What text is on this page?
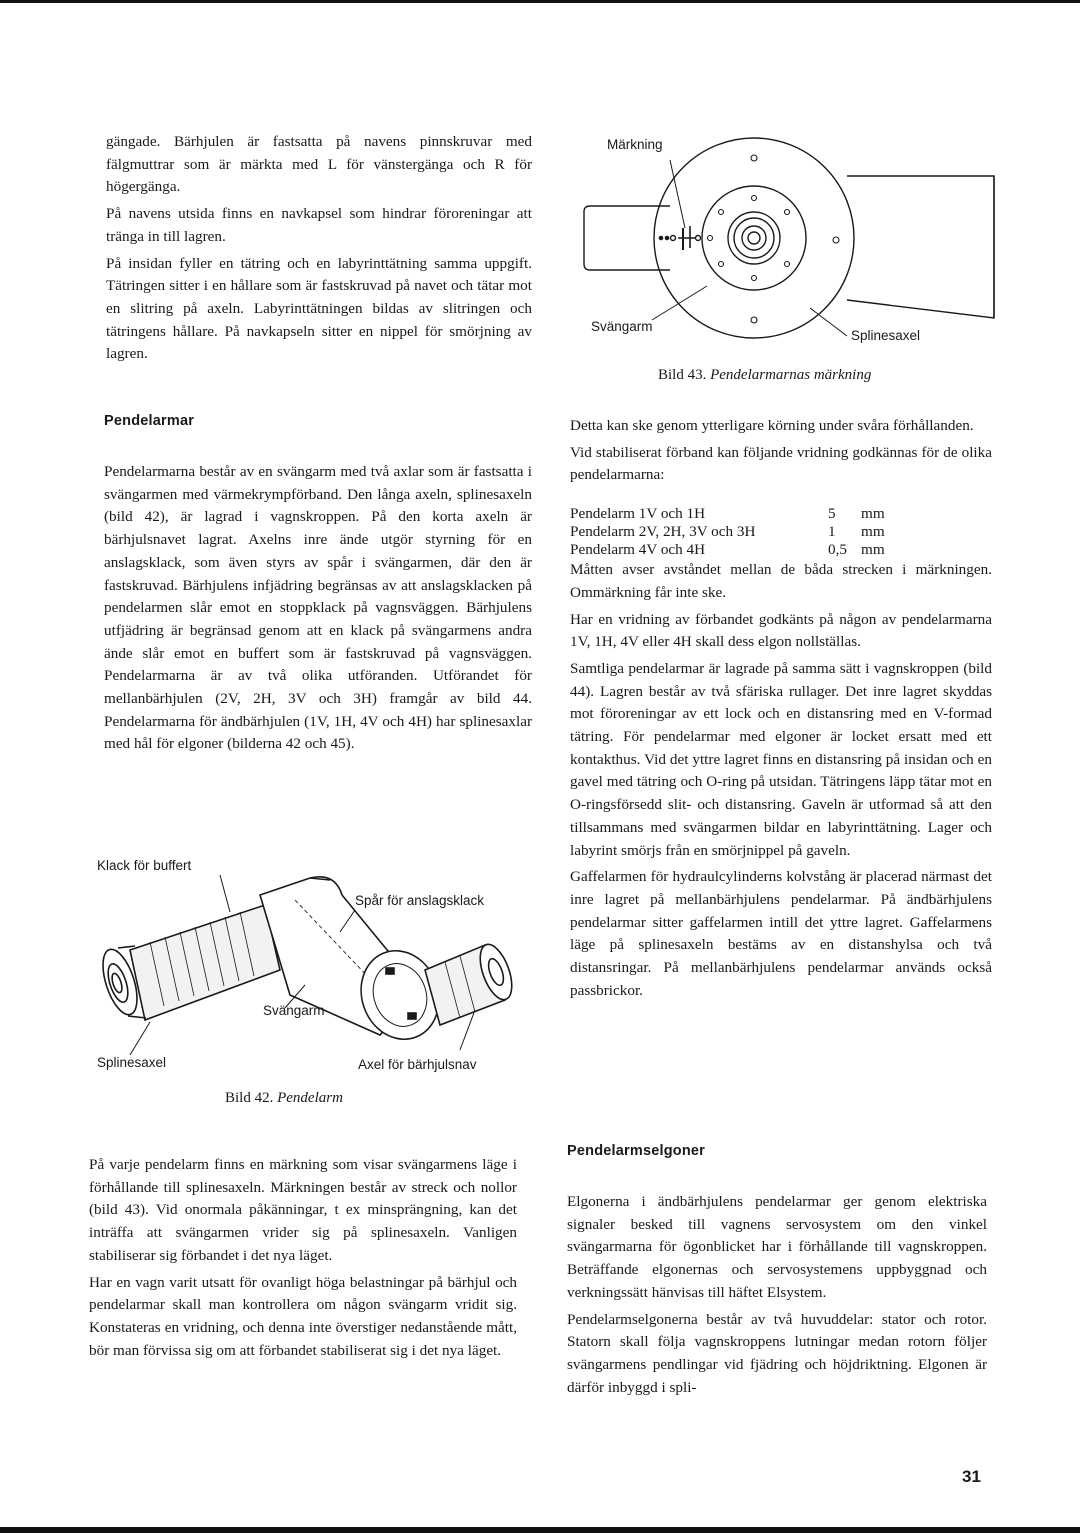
gängade. Bärhjulen är fastsatta på navens pinnskruvar med fälgmuttrar som är märkta med L för vänstergänga och R för högergänga.

På navens utsida finns en navkapsel som hindrar föroreningar att tränga in till lagren.

På insidan fyller en tätring och en labyrinttätning samma uppgift. Tätringen sitter i en hållare som är fastskruvad på navet och tätar mot en slitring på axeln. Labyrinttätningen bildas av slitringen och tätringens hållare. På navkapseln sitter en nippel för smörjning av lagren.

Pendelarmar

Pendelarmarna består av en svängarm med två axlar som är fastsatta i svängarmen med värmekrympförband. Den långa axeln, splinesaxeln (bild 42), är lagrad i vagnskroppen. På den korta axeln är bärhjulsnavet lagrat. Axelns inre ände utgör styrning för en anslagsklack, som även styrs av spår i svängarmen, där den är fastskruvad. Bärhjulens infjädring begränsas av att anslagsklacken på pendelarmen slår emot en stoppklack på vagnsväggen. Bärhjulens utfjädring är begränsad genom att en klack på svängarmens andra ände slår emot en buffert som är fastskruvad på vagnsväggen. Pendelarmarna är av två olika utföranden. Utförandet för mellanbärhjulen (2V, 2H, 3V och 3H) framgår av bild 44. Pendelarmarna för ändbärhjulen (1V, 1H, 4V och 4H) har splinesaxlar med hål för elgoner (bilderna 42 och 45).

Klack för buffert
Spår för anslagsklack
Svängarm
Splinesaxel	Axel för bärhjulsnav
Bild 42. Pendelarm

På varje pendelarm finns en märkning som visar svängarmens läge i förhållande till splinesaxeln. Märkningen består av streck och nollor (bild 43). Vid onormala påkänningar, t ex minsprängning, kan det inträffa att svängarmen vrider sig på splinesaxeln. Vanligen stabiliserar sig förbandet i det nya läget.

Har en vagn varit utsatt för ovanligt höga belastningar på bärhjul och pendelarmar skall man kontrollera om någon svängarm vridit sig. Konstateras en vridning, och denna inte överstiger nedanstående mått, bör man förvissa sig om att förbandet stabiliserat sig i det nya läget.

Märkning
Svängarm
Splinesaxel
Bild 43. Pendelarmarnas märkning

Detta kan ske genom ytterligare körning under svåra förhållanden.

Vid stabiliserat förband kan följande vridning godkännas för de olika pendelarmarna:

Pendelarm 1V och 1H	5	mm
Pendelarm 2V, 2H, 3V och 3H	1	mm
Pendelarm 4V och 4H	0,5	mm

Måtten avser avståndet mellan de båda strecken i märkningen. Ommärkning får inte ske.

Har en vridning av förbandet godkänts på någon av pendelarmarna 1V, 1H, 4V eller 4H skall dess elgon nollställas.

Samtliga pendelarmar är lagrade på samma sätt i vagnskroppen (bild 44). Lagren består av två sfäriska rullager. Det inre lagret skyddas mot föroreningar av ett lock och en distansring med en V-formad tätring. För pendelarmar med elgoner är locket ersatt med ett kontakthus. Vid det yttre lagret finns en distansring på insidan och en gavel med tätring och O-ring på utsidan. Tätringens läpp tätar mot en O-ringsförsedd slit- och distansring. Gaveln är utformad så att den tillsammans med svängarmen bildar en labyrinttätning. Lager och labyrint smörjs från en smörjnippel på gaveln.

Gaffelarmen för hydraulcylinderns kolvstång är placerad närmast det inre lagret på mellanbärhjulens pendelarmar. På ändbärhjulens pendelarmar sitter gaffelarmen intill det yttre lagret. Gaffelarmens läge på splinesaxeln bestäms av en distanshylsa och två distansringar. På mellanbärhjulens pendelarmar används också passbrickor.

Pendelarmselgoner

Elgonerna i ändbärhjulens pendelarmar ger genom elektriska signaler besked till vagnens servosystem om den vinkel svängarmarna för ögonblicket har i förhållande till vagnskroppen. Beträffande elgonernas och servosystemens uppbyggnad och verkningssätt hänvisas till häftet Elsystem.

Pendelarmselgonerna består av två huvuddelar: stator och rotor. Statorn skall följa vagnskroppens lutningar medan rotorn följer svängarmens pendlingar vid fjädring och höjdriktning. Elgonen är därför inbyggd i spli-

31
